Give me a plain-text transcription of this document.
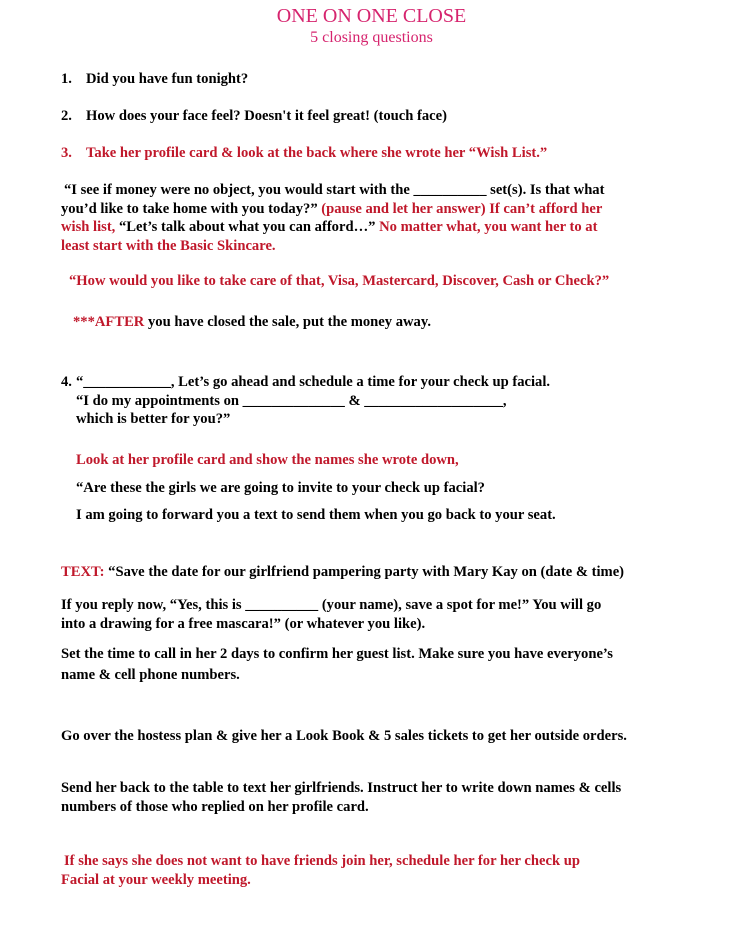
ONE ON ONE CLOSE
5 closing questions
1. Did you have fun tonight?
2. How does your face feel? Doesn't it feel great! (touch face)
3. Take her profile card & look at the back where she wrote her “Wish List.”
“I see if money were no object, you would start with the __________ set(s). Is that what
you’d like to take home with you today?” (pause and let her answer) If can’t afford her
wish list, “Let’s talk about what you can afford…” No matter what, you want her to at
least start with the Basic Skincare.
“How would you like to take care of that, Visa, Mastercard, Discover, Cash or Check?”
***AFTER you have closed the sale, put the money away.
4. “____________, Let’s go ahead and schedule a time for your check up facial.
“I do my appointments on ______________ & ___________________,
which is better for you?”
Look at her profile card and show the names she wrote down,
“Are these the girls we are going to invite to your check up facial?
I am going to forward you a text to send them when you go back to your seat.
TEXT: “Save the date for our girlfriend pampering party with Mary Kay on (date & time)
If you reply now, “Yes, this is __________ (your name), save a spot for me!” You will go
into a drawing for a free mascara!” (or whatever you like).
Set the time to call in her 2 days to confirm her guest list. Make sure you have everyone’s
name & cell phone numbers.
Go over the hostess plan & give her a Look Book & 5 sales tickets to get her outside orders.
Send her back to the table to text her girlfriends. Instruct her to write down names & cells
numbers of those who replied on her profile card.
If she says she does not want to have friends join her, schedule her for her check up
Facial at your weekly meeting.
